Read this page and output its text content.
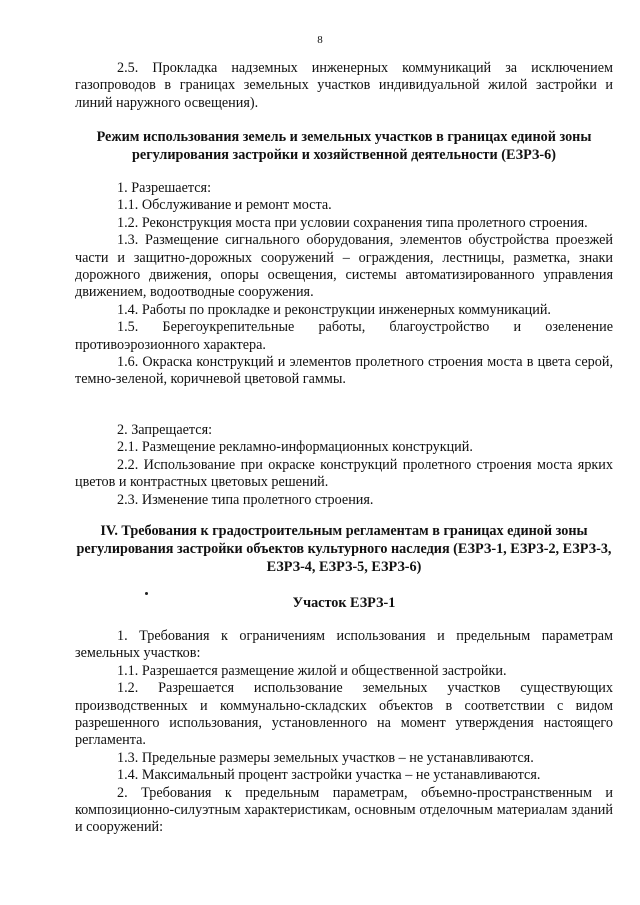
8

2.5. Прокладка надземных инженерных коммуникаций за исключением газопроводов в границах земельных участков индивидуальной жилой застройки и линий наружного освещения).

Режим использования земель и земельных участков в границах единой зоны регулирования застройки и хозяйственной деятельности (ЕЗРЗ-6)

1. Разрешается:

1.1. Обслуживание и ремонт моста.

1.2. Реконструкция моста при условии сохранения типа пролетного строения.

1.3. Размещение сигнального оборудования, элементов обустройства проезжей части и защитно-дорожных сооружений – ограждения, лестницы, разметка, знаки дорожного движения, опоры освещения, системы автоматизированного управления движением, водоотводные сооружения.

1.4. Работы по прокладке и реконструкции инженерных коммуникаций.

1.5. Берегоукрепительные работы, благоустройство и озеленение противоэрозионного характера.

1.6. Окраска конструкций и элементов пролетного строения моста в цвета серой, темно-зеленой, коричневой цветовой гаммы.

2. Запрещается:

2.1. Размещение рекламно-информационных конструкций.

2.2. Использование при окраске конструкций пролетного строения моста ярких цветов и контрастных цветовых решений.

2.3. Изменение типа пролетного строения.

IV. Требования к градостроительным регламентам в границах единой зоны регулирования застройки объектов культурного наследия (ЕЗРЗ-1, ЕЗРЗ-2, ЕЗРЗ-3, ЕЗРЗ-4, ЕЗРЗ-5, ЕЗРЗ-6)

Участок ЕЗРЗ-1

1. Требования к ограничениям использования и предельным параметрам земельных участков:

1.1. Разрешается размещение жилой и общественной застройки.

1.2. Разрешается использование земельных участков существующих производственных и коммунально-складских объектов в соответствии с видом разрешенного использования, установленного на момент утверждения настоящего регламента.

1.3. Предельные размеры земельных участков – не устанавливаются.

1.4. Максимальный процент застройки участка – не устанавливаются.

2. Требования к предельным параметрам, объемно-пространственным и композиционно-силуэтным характеристикам, основным отделочным материалам зданий и сооружений:
